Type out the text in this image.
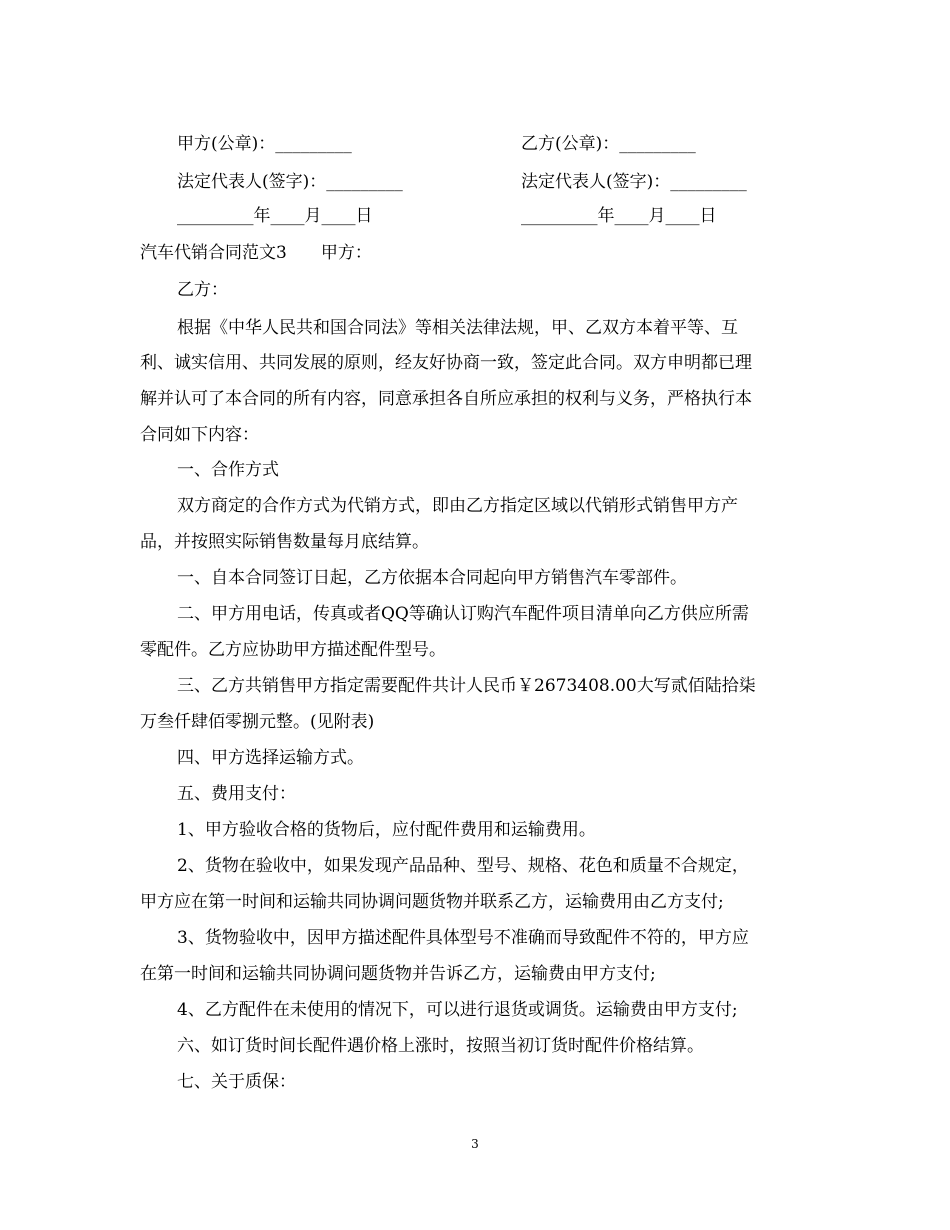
甲方(公章)：_________	乙方(公章)：_________
法定代表人(签字)：_________	法定代表人(签字)：_________
_________年____月____日	_________年____月____日
汽车代销合同范文3　　甲方：
乙方：
根据《中华人民共和国合同法》等相关法律法规，甲、乙双方本着平等、互
利、诚实信用、共同发展的原则，经友好协商一致，签定此合同。双方申明都已理
解并认可了本合同的所有内容，同意承担各自所应承担的权利与义务，严格执行本
合同如下内容：
一、合作方式
双方商定的合作方式为代销方式，即由乙方指定区域以代销形式销售甲方产
品，并按照实际销售数量每月底结算。
一、自本合同签订日起，乙方依据本合同起向甲方销售汽车零部件。
二、甲方用电话，传真或者QQ等确认订购汽车配件项目清单向乙方供应所需
零配件。乙方应协助甲方描述配件型号。
三、乙方共销售甲方指定需要配件共计人民币￥2673408.00大写贰佰陆拾柒
万叁仟肆佰零捌元整。(见附表)
四、甲方选择运输方式。
五、费用支付：
1、甲方验收合格的货物后，应付配件费用和运输费用。
2、货物在验收中，如果发现产品品种、型号、规格、花色和质量不合规定，
甲方应在第一时间和运输共同协调问题货物并联系乙方，运输费用由乙方支付;
3、货物验收中，因甲方描述配件具体型号不准确而导致配件不符的，甲方应
在第一时间和运输共同协调问题货物并告诉乙方，运输费由甲方支付;
4、乙方配件在未使用的情况下，可以进行退货或调货。运输费由甲方支付;
六、如订货时间长配件遇价格上涨时，按照当初订货时配件价格结算。
七、关于质保：
3
